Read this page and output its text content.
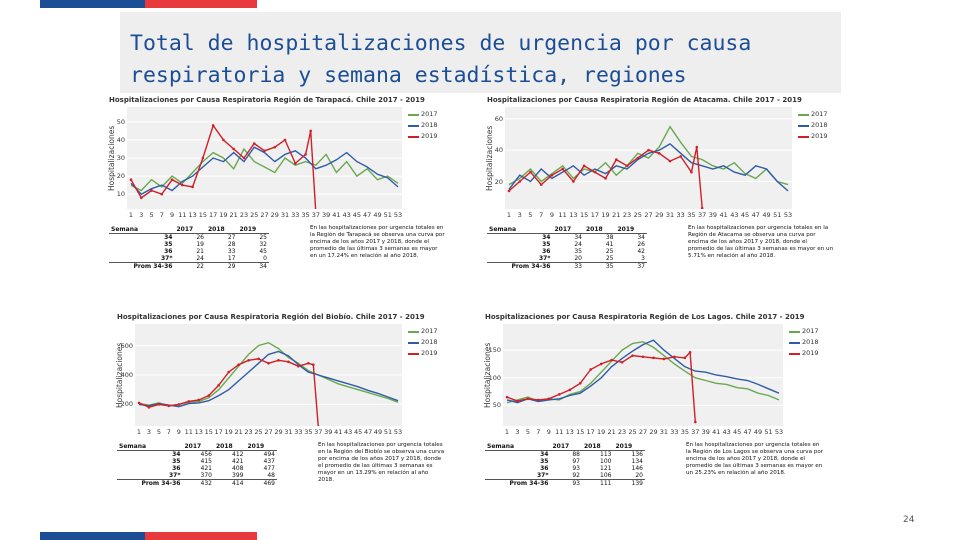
Total de hospitalizaciones de urgencia por causa
respiratoria y semana estadística, regiones
Hospitalizaciones por Causa Respiratoria Región de Tarapacá. Chile 2017 - 2019
Hospitalizaciones
10
20
30
40
50
1 3 5 7 9 11 13 15 17 19 21 23 25 27 29 31 33 35 37 39 41 43 45 47 49 51 53
2017
2018
2019
Semana	2017	2018	2019
34	26	27	25
35	19	28	32
36	21	33	45
37*	24	17	0
Prom 34-36	22	29	34
En las hospitalizaciones por urgencia totales en la Región de Tarapacá se observa una curva por encima de los años 2017 y 2018, donde el promedio de las últimas 3 semanas es mayor en un 17.24% en relación al año 2018.
Hospitalizaciones por Causa Respiratoria Región de Atacama. Chile 2017 - 2019
Hospitalizaciones 20
40
60
1 3 5 7 9 11 13 15 17 19 21 23 25 27 29 31 33 35 37 39 41 43 45 47 49 51 53
2017
2018
2019
Semana	2017	2018	2019
34	34	38	34
35	24	41	26
36	35	25	42
37*	20	25	3
Prom 34-36	33	35	37
En las hospitalizaciones por urgencia totales en la Región de Atacama se observa una curva por encima de los años 2017 y 2018, donde el promedio de las últimas 3 semanas es mayor en un 5.71% en relación al año 2018.
Hospitalizaciones por Causa Respiratoria Región del Biobío. Chile 2017 - 2019
Hospitalizaciones
200
400
600
1 3 5 7 9 11 13 15 17 19 21 23 25 27 29 31 33 35 37 39 41 43 45 47 49 51 53
2017
2018
2019
Semana	2017	2018	2019
34	456	412	494
35	415	421	437
36	421	408	477
37*	370	399	48
Prom 34-36	432	414	469
En las hospitalizaciones por urgencia totales en la Región del Biobío se observa una curva por encima de los años 2017 y 2018, donde el promedio de las últimas 3 semanas es mayor en un 13.29% en relación al año 2018.
Hospitalizaciones por Causa Respiratoria Región de Los Lagos. Chile 2017 - 2019
Hospitalizaciones 50
100
150
1 3 5 7 9 11 13 15 17 19 21 23 25 27 29 31 33 35 37 39 41 43 45 47 49 51 53
2017
2018
2019
Semana	2017	2018	2019
34	88	113	136
35	97	100	134
36	93	121	146
37*	92	106	20
Prom 34-36	93	111	139
En las hospitalizaciones por urgencia totales en la Región de Los Lagos se observa una curva por encima de los años 2017 y 2018, donde el promedio de las últimas 3 semanas es mayor en un 25.23% en relación al año 2018.
24
